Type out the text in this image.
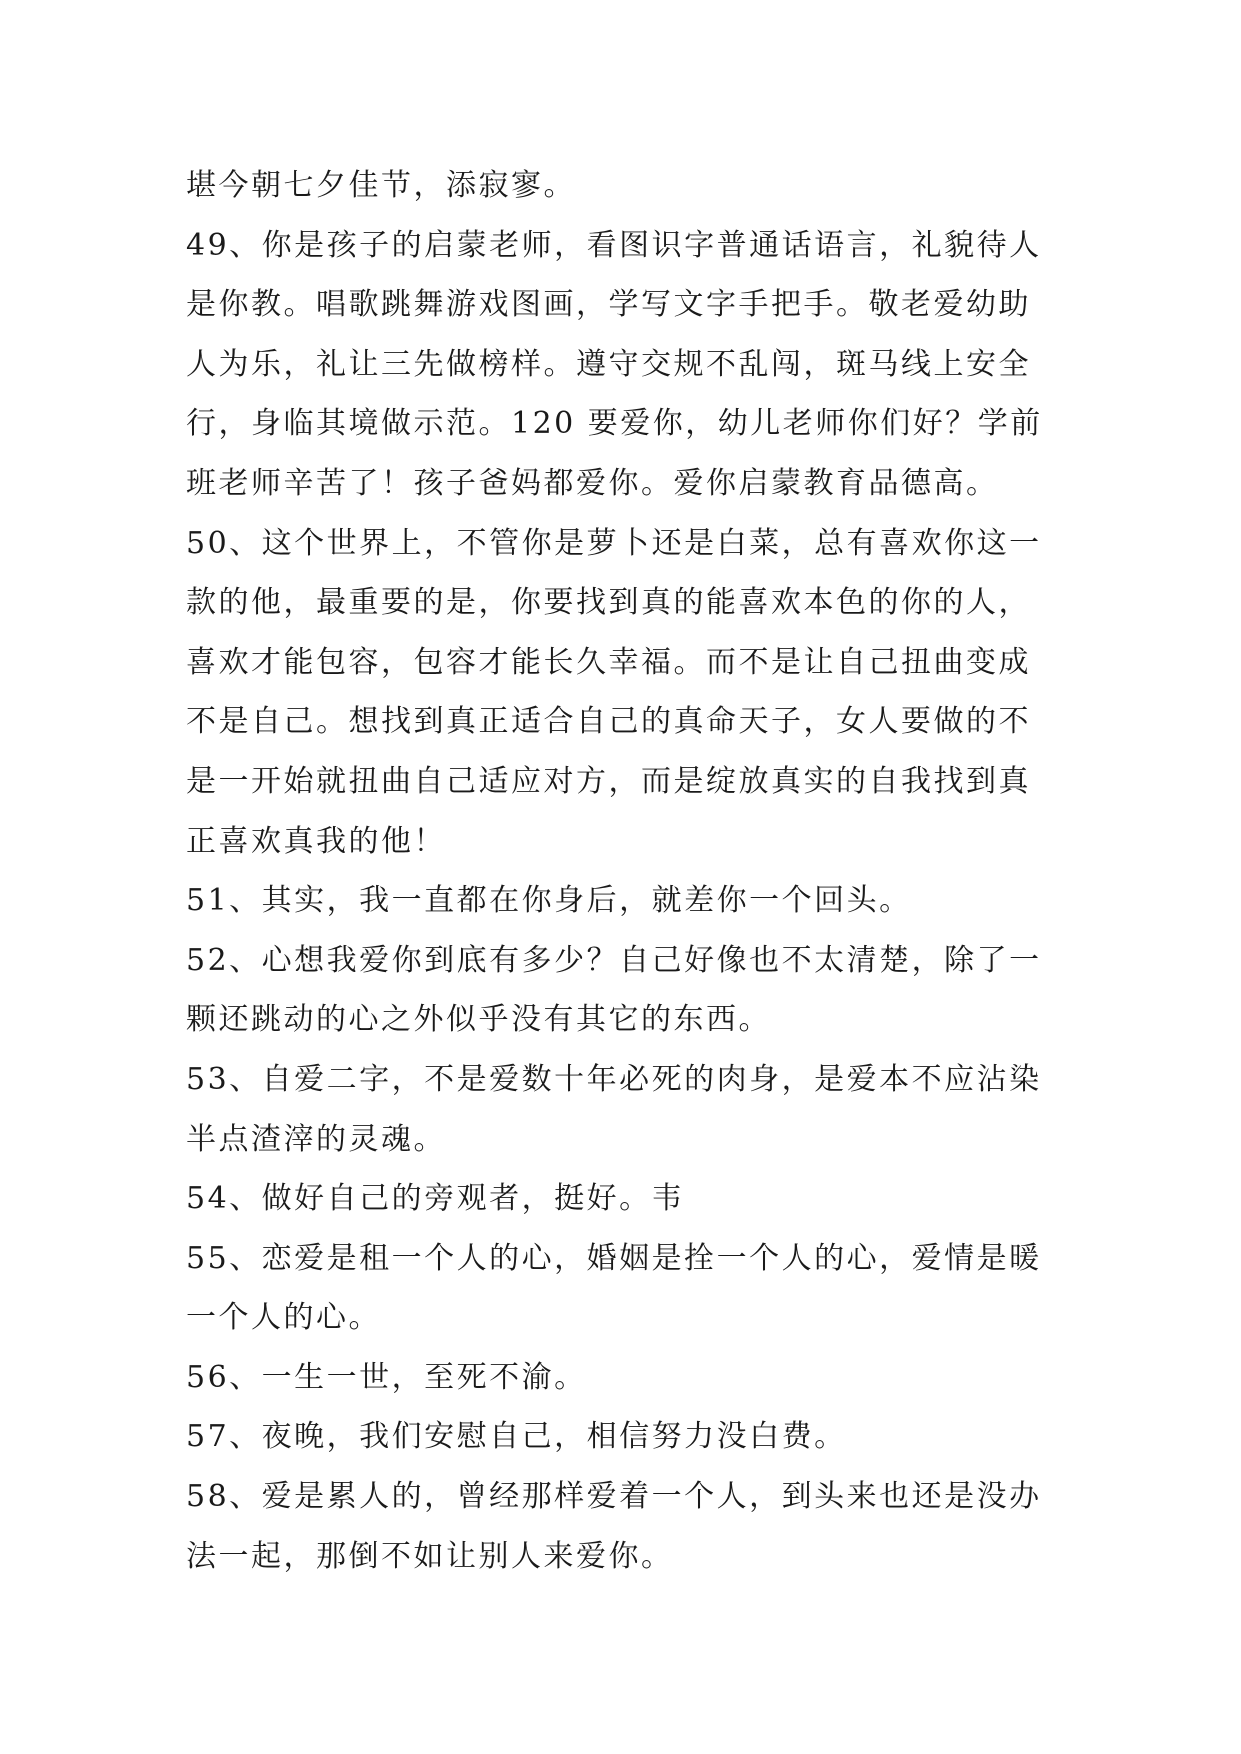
堪今朝七夕佳节，添寂寥。
49、你是孩子的启蒙老师，看图识字普通话语言，礼貌待人
是你教。唱歌跳舞游戏图画，学写文字手把手。敬老爱幼助
人为乐，礼让三先做榜样。遵守交规不乱闯，斑马线上安全
行，身临其境做示范。120 要爱你，幼儿老师你们好？学前
班老师辛苦了！孩子爸妈都爱你。爱你启蒙教育品德高。
50、这个世界上，不管你是萝卜还是白菜，总有喜欢你这一
款的他，最重要的是，你要找到真的能喜欢本色的你的人，
喜欢才能包容，包容才能长久幸福。而不是让自己扭曲变成
不是自己。想找到真正适合自己的真命天子，女人要做的不
是一开始就扭曲自己适应对方，而是绽放真实的自我找到真
正喜欢真我的他！
51、其实，我一直都在你身后，就差你一个回头。
52、心想我爱你到底有多少？自己好像也不太清楚，除了一
颗还跳动的心之外似乎没有其它的东西。
53、自爱二字，不是爱数十年必死的肉身，是爱本不应沾染
半点渣滓的灵魂。
54、做好自己的旁观者，挺好。韦
55、恋爱是租一个人的心，婚姻是拴一个人的心，爱情是暖
一个人的心。
56、一生一世，至死不渝。
57、夜晚，我们安慰自己，相信努力没白费。
58、爱是累人的，曾经那样爱着一个人，到头来也还是没办
法一起，那倒不如让别人来爱你。
